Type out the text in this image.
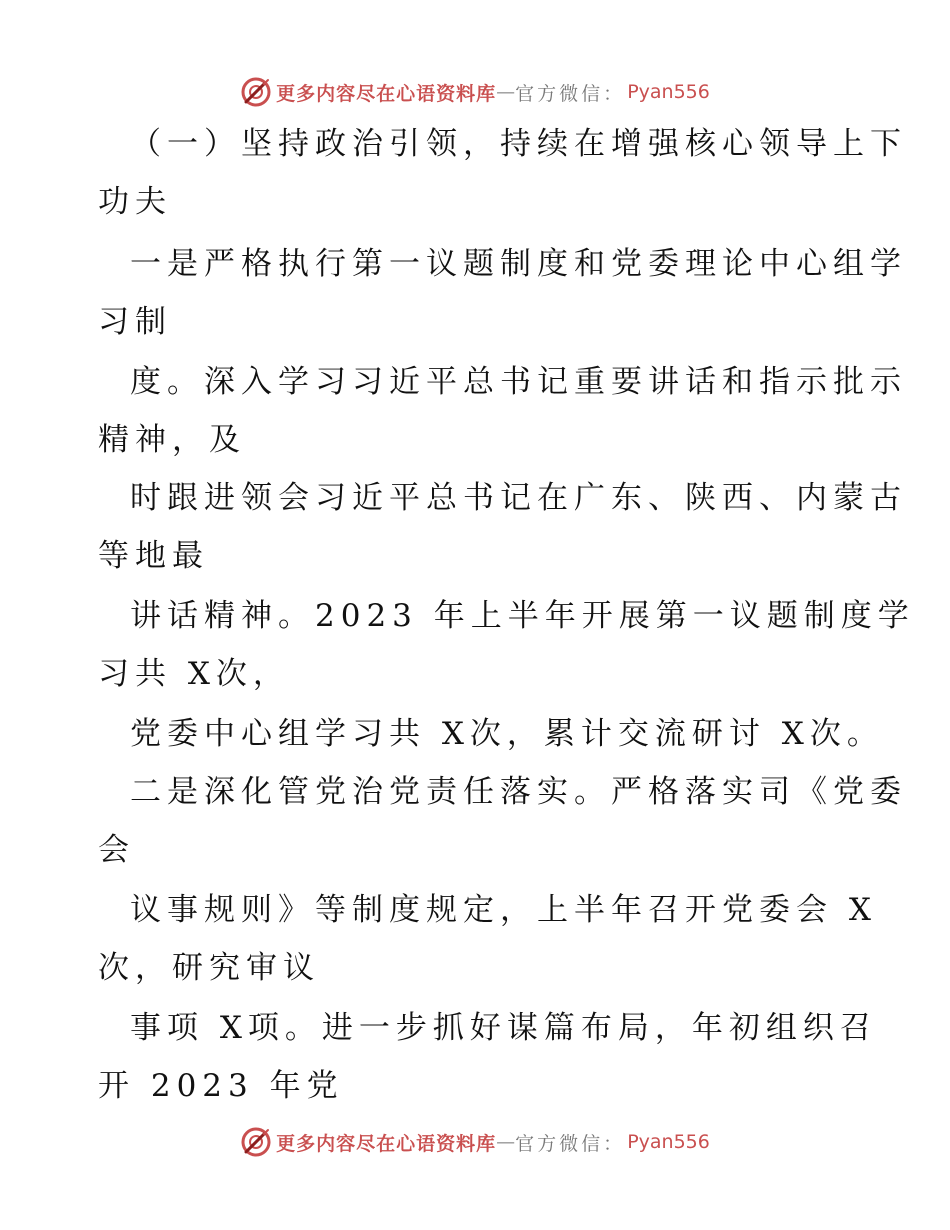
更多内容尽在心语资料库 — 官方微信： Pyan556
（一）坚持政治引领，持续在增强核心领导上下
功夫
一是严格执行第一议题制度和党委理论中心组学
习制
度。深入学习习近平总书记重要讲话和指示批示
精神，及
时跟进领会习近平总书记在广东、陕西、内蒙古
等地最
讲话精神。2023 年上半年开展第一议题制度学
习共 X次，
党委中心组学习共 X次，累计交流研讨 X次。
二是深化管党治党责任落实。严格落实司《党委
会
议事规则》等制度规定，上半年召开党委会 X
次，研究审议
事项 X项。进一步抓好谋篇布局，年初组织召
开 2023 年党
更多内容尽在心语资料库 — 官方微信： Pyan556
